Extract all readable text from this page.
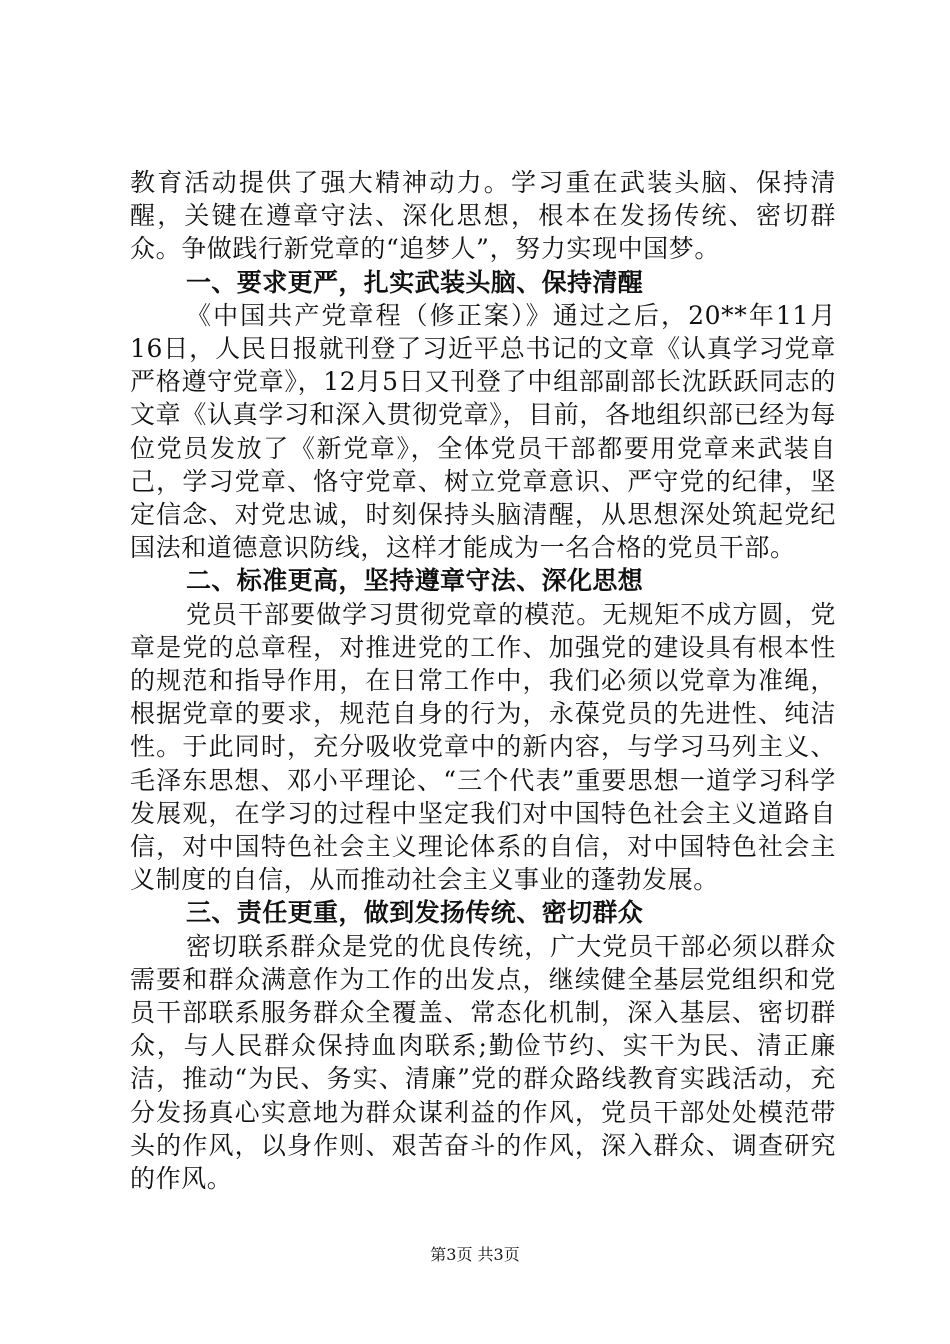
教育活动提供了强大精神动力。学习重在武装头脑、保持清醒，关键在遵章守法、深化思想，根本在发扬传统、密切群众。争做践行新党章的“追梦人”，努力实现中国梦。

一、要求更严，扎实武装头脑、保持清醒

《中国共产党章程（修正案）》通过之后，20**年11月16日，人民日报就刊登了习近平总书记的文章《认真学习党章严格遵守党章》，12月5日又刊登了中组部副部长沈跃跃同志的文章《认真学习和深入贯彻党章》，目前，各地组织部已经为每位党员发放了《新党章》，全体党员干部都要用党章来武装自己，学习党章、恪守党章、树立党章意识、严守党的纪律，坚定信念、对党忠诚，时刻保持头脑清醒，从思想深处筑起党纪国法和道德意识防线，这样才能成为一名合格的党员干部。

二、标准更高，坚持遵章守法、深化思想

党员干部要做学习贯彻党章的模范。无规矩不成方圆，党章是党的总章程，对推进党的工作、加强党的建设具有根本性的规范和指导作用，在日常工作中，我们必须以党章为准绳，根据党章的要求，规范自身的行为，永葆党员的先进性、纯洁性。于此同时，充分吸收党章中的新内容，与学习马列主义、毛泽东思想、邓小平理论、“三个代表”重要思想一道学习科学发展观，在学习的过程中坚定我们对中国特色社会主义道路自信，对中国特色社会主义理论体系的自信，对中国特色社会主义制度的自信，从而推动社会主义事业的蓬勃发展。

三、责任更重，做到发扬传统、密切群众

密切联系群众是党的优良传统，广大党员干部必须以群众需要和群众满意作为工作的出发点，继续健全基层党组织和党员干部联系服务群众全覆盖、常态化机制，深入基层、密切群众，与人民群众保持血肉联系;勤俭节约、实干为民、清正廉洁，推动“为民、务实、清廉”党的群众路线教育实践活动，充分发扬真心实意地为群众谋利益的作风，党员干部处处模范带头的作风，以身作则、艰苦奋斗的作风，深入群众、调查研究的作风。

第3页 共3页
